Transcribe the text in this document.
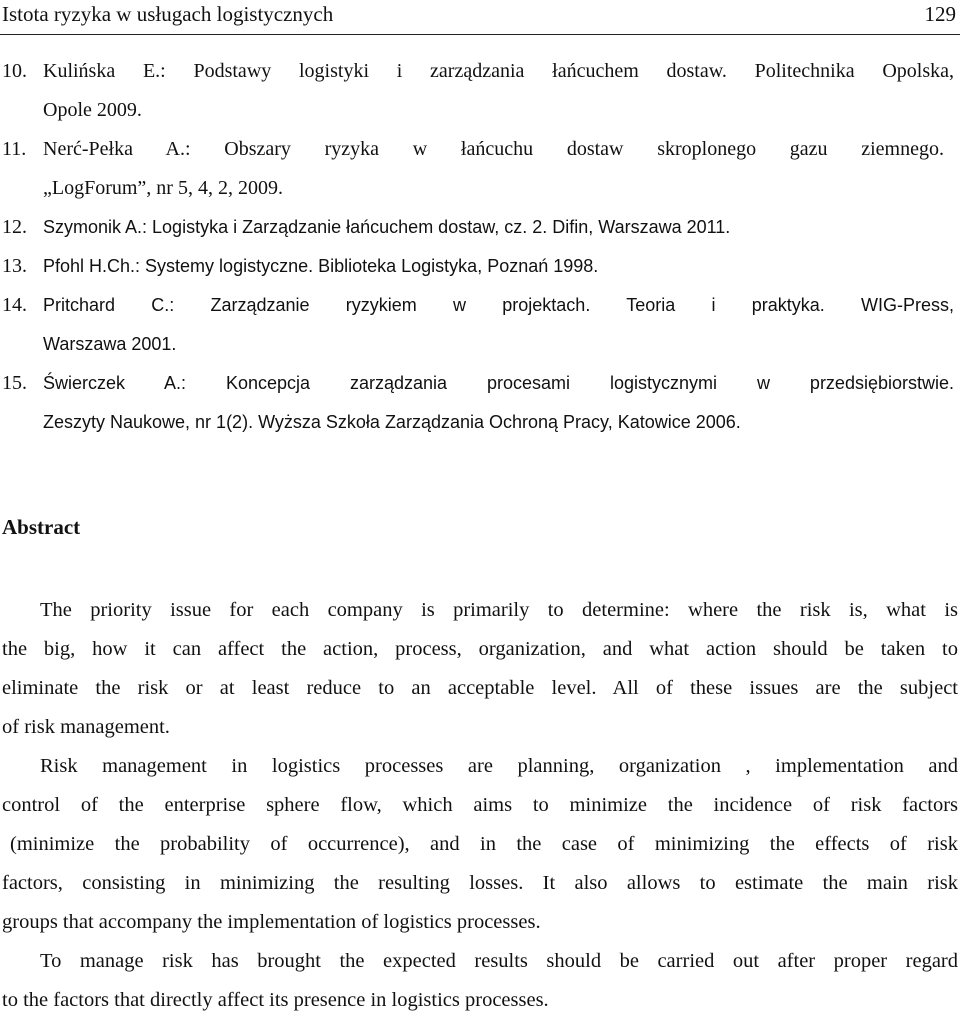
Istota ryzyka w usługach logistycznych	129
10. Kulińska E.: Podstawy logistyki i zarządzania łańcuchem dostaw. Politechnika Opolska,
Opole 2009.
11. Nerć-Pełka A.: Obszary ryzyka w łańcuchu dostaw skroplonego gazu ziemnego.
„LogForum”, nr 5, 4, 2, 2009.
12. Szymonik A.: Logistyka i Zarządzanie łańcuchem dostaw, cz. 2. Difin, Warszawa 2011.
13. Pfohl H.Ch.: Systemy logistyczne. Biblioteka Logistyka, Poznań 1998.
14. Pritchard C.: Zarządzanie ryzykiem w projektach. Teoria i praktyka. WIG-Press,
Warszawa 2001.
15. Świerczek A.: Koncepcja zarządzania procesami logistycznymi w przedsiębiorstwie.
Zeszyty Naukowe, nr 1(2). Wyższa Szkoła Zarządzania Ochroną Pracy, Katowice 2006.
Abstract
The priority issue for each company is primarily to determine: where the risk is, what is
the big, how it can affect the action, process, organization, and what action should be taken to
eliminate the risk or at least reduce to an acceptable level. All of these issues are the subject
of risk management.
Risk management in logistics processes are planning, organization , implementation and
control of the enterprise sphere flow, which aims to minimize the incidence of risk factors
(minimize the probability of occurrence), and in the case of minimizing the effects of risk
factors, consisting in minimizing the resulting losses. It also allows to estimate the main risk
groups that accompany the implementation of logistics processes.
To manage risk has brought the expected results should be carried out after proper regard
to the factors that directly affect its presence in logistics processes.
